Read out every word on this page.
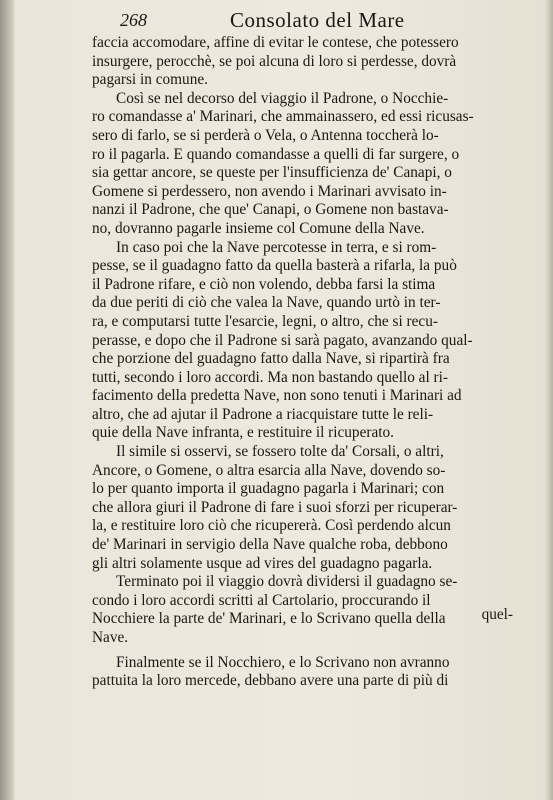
268	Consolato del Mare
faccia accomodare, affine di evitar le contese, che potessero
insurgere, perocchè, se poi alcuna di loro si perdesse, dovrà
pagarsi in comune.
Così se nel decorso del viaggio il Padrone, o Nocchie-
ro comandasse a' Marinari, che ammainassero, ed essi ricusas-
sero di farlo, se si perderà o Vela, o Antenna toccherà lo-
ro il pagarla. E quando comandasse a quelli di far surgere, o
sia gettar ancore, se queste per l'insufficienza de' Canapi, o
Gomene si perdessero, non avendo i Marinari avvisato in-
nanzi il Padrone, che que' Canapi, o Gomene non bastava-
no, dovranno pagarle insieme col Comune della Nave.
In caso poi che la Nave percotesse in terra, e si rom-
pesse, se il guadagno fatto da quella basterà a rifarla, la può
il Padrone rifare, e ciò non volendo, debba farsi la stima
da due periti di ciò che valea la Nave, quando urtò in ter-
ra, e computarsi tutte l'esarcie, legni, o altro, che si recu-
perasse, e dopo che il Padrone si sarà pagato, avanzando qual-
che porzione del guadagno fatto dalla Nave, si ripartirà fra
tutti, secondo i loro accordi. Ma non bastando quello al ri-
facimento della predetta Nave, non sono tenuti i Marinari ad
altro, che ad ajutar il Padrone a riacquistare tutte le reli-
quie della Nave infranta, e restituire il ricuperato.
Il simile si osservi, se fossero tolte da' Corsali, o altri,
Ancore, o Gomene, o altra esarcia alla Nave, dovendo so-
lo per quanto importa il guadagno pagarla i Marinari; con
che allora giuri il Padrone di fare i suoi sforzi per ricuperar-
la, e restituire loro ciò che ricupererà. Così perdendo alcun
de' Marinari in servigio della Nave qualche roba, debbono
gli altri solamente usque ad vires del guadagno pagarla.
Terminato poi il viaggio dovrà dividersi il guadagno se-
condo i loro accordi scritti al Cartolario, proccurando il
Nocchiere la parte de' Marinari, e lo Scrivano quella della
Nave.
Finalmente se il Nocchiero, e lo Scrivano non avranno
pattuita la loro mercede, debbano avere una parte di più di
quel-
